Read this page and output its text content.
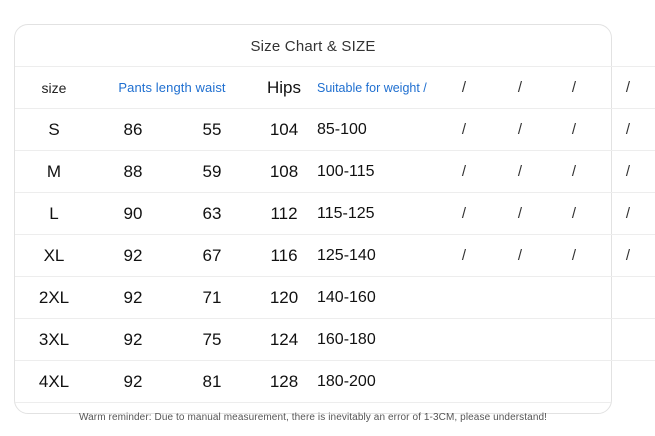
Size Chart & SIZE
size	Pants length waist		Hips	Suitable for weight /	/	/	/	/
S	86	55	104	85-100	/	/	/	/
M	88	59	108	100-115	/	/	/	/
L	90	63	112	115-125	/	/	/	/
XL	92	67	116	125-140	/	/	/	/
2XL	92	71	120	140-160				
3XL	92	75	124	160-180				
4XL	92	81	128	180-200				
Warm reminder: Due to manual measurement, there is inevitably an error of 1-3CM, please understand!
